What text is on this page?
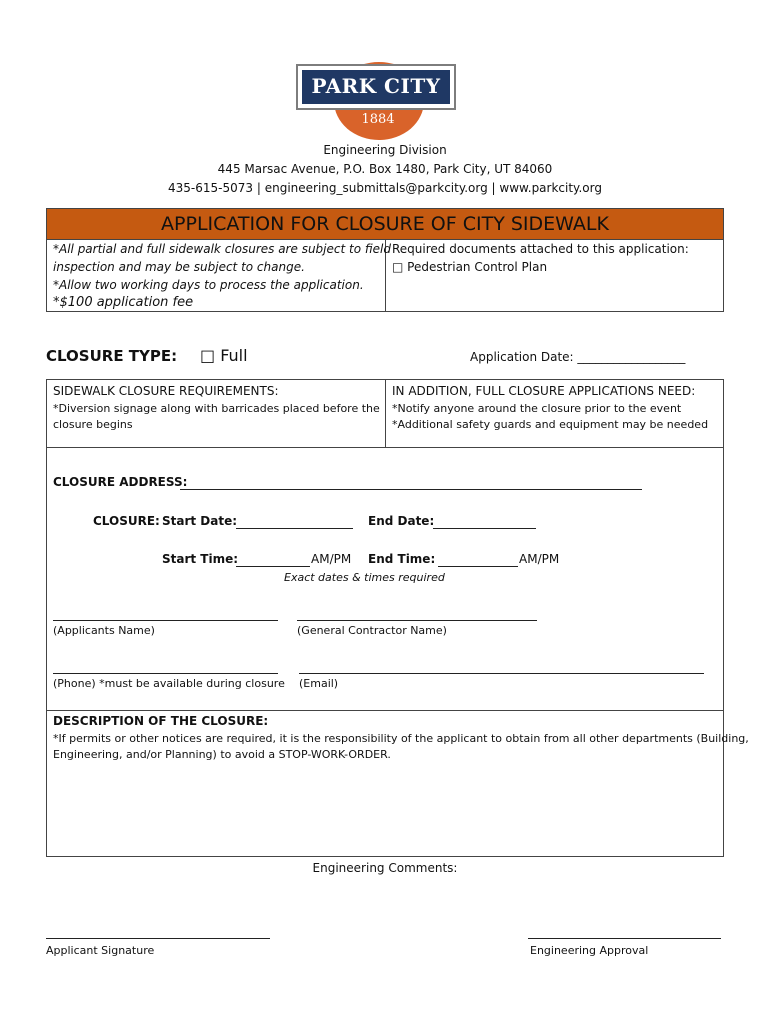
PARK CITY
1884
Engineering Division
445 Marsac Avenue, P.O. Box 1480, Park City, UT 84060
435-615-5073 | engineering_submittals@parkcity.org | www.parkcity.org
APPLICATION FOR CLOSURE OF CITY SIDEWALK
*All partial and full sidewalk closures are subject to field
inspection and may be subject to change.
*Allow two working days to process the application.
*$100 application fee
Required documents attached to this application:
□ Pedestrian Control Plan
CLOSURE TYPE: □ Full	Application Date: __________________
SIDEWALK CLOSURE REQUIREMENTS:
*Diversion signage along with barricades placed before the
closure begins
IN ADDITION, FULL CLOSURE APPLICATIONS NEED:
*Notify anyone around the closure prior to the event
*Additional safety guards and equipment may be needed
CLOSURE ADDRESS:
CLOSURE: Start Date:	End Date:
Start Time:	AM/PM End Time:	AM/PM
Exact dates & times required
(Applicants Name)	(General Contractor Name)
(Phone) *must be available during closure (Email)
DESCRIPTION OF THE CLOSURE:
*If permits or other notices are required, it is the responsibility of the applicant to obtain from all other departments (Building,
Engineering, and/or Planning) to avoid a STOP-WORK-ORDER.
Engineering Comments:
Applicant Signature	Engineering Approval
